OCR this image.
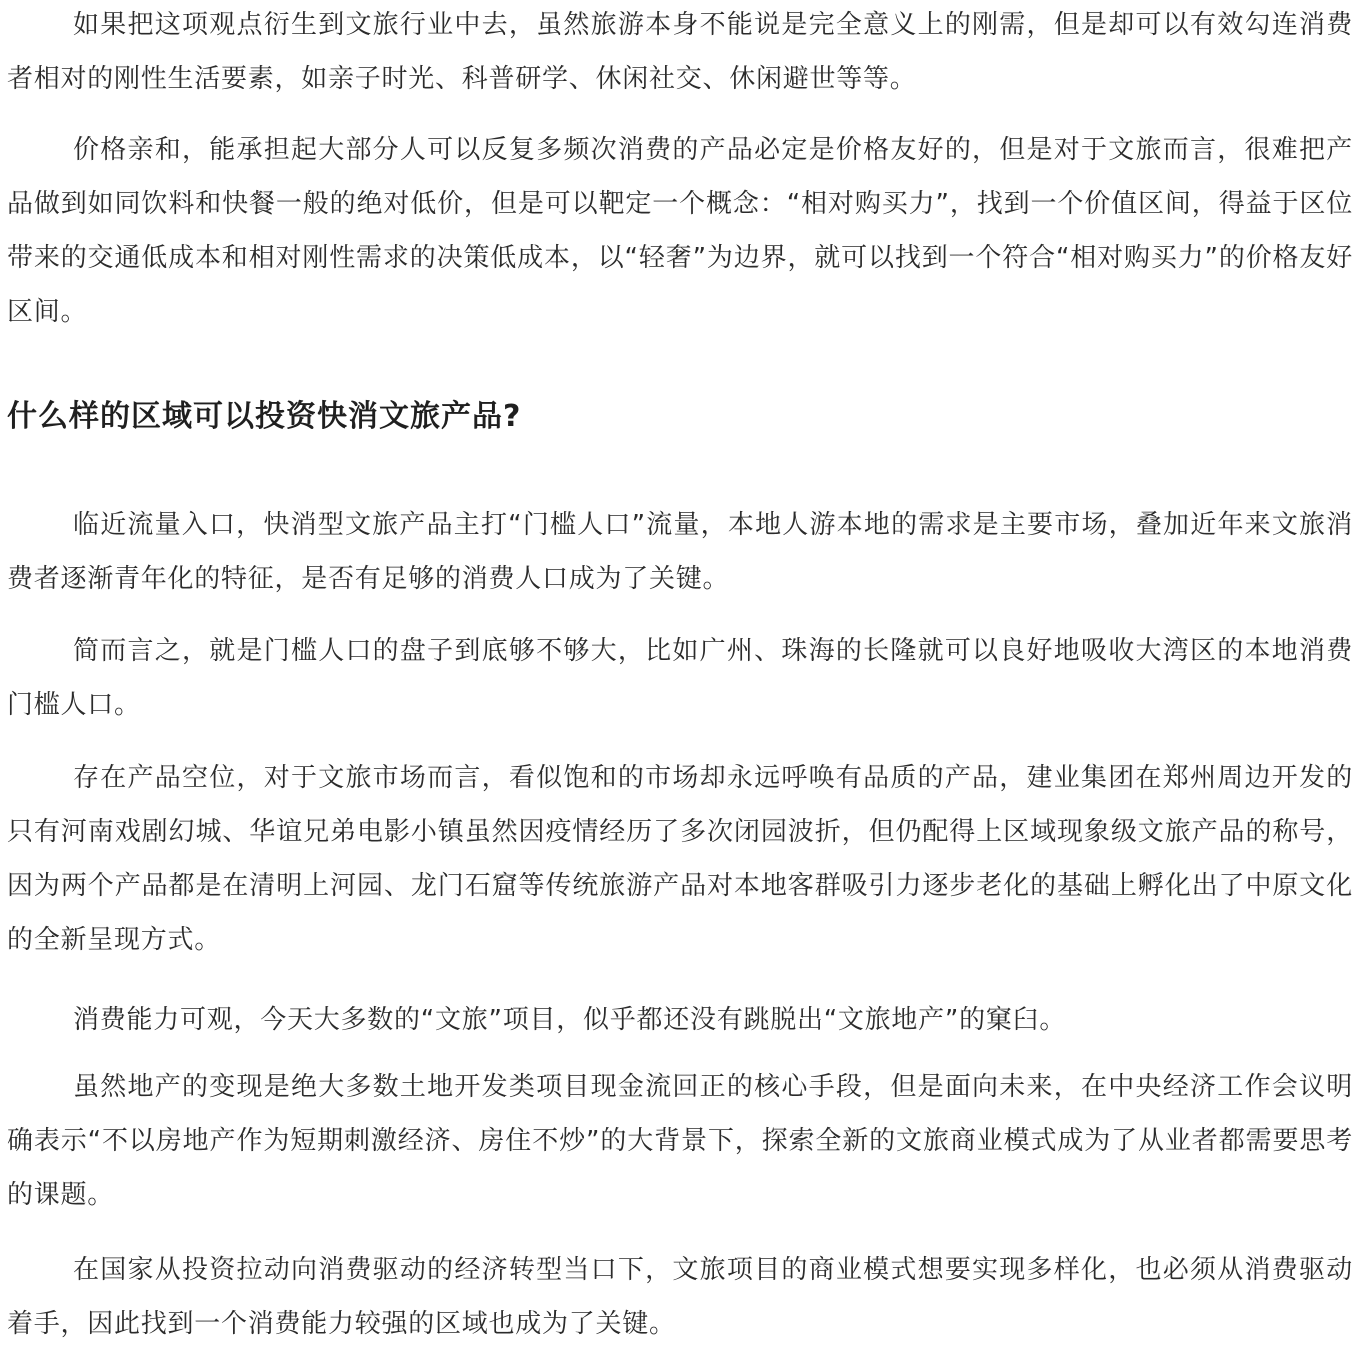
如果把这项观点衍生到文旅行业中去，虽然旅游本身不能说是完全意义上的刚需，但是却可以有效勾连消费者相对的刚性生活要素，如亲子时光、科普研学、休闲社交、休闲避世等等。

价格亲和，能承担起大部分人可以反复多频次消费的产品必定是价格友好的，但是对于文旅而言，很难把产品做到如同饮料和快餐一般的绝对低价，但是可以靶定一个概念：“相对购买力”，找到一个价值区间，得益于区位带来的交通低成本和相对刚性需求的决策低成本，以“轻奢”为边界，就可以找到一个符合“相对购买力”的价格友好区间。

什么样的区域可以投资快消文旅产品?

临近流量入口，快消型文旅产品主打“门槛人口”流量，本地人游本地的需求是主要市场，叠加近年来文旅消费者逐渐青年化的特征，是否有足够的消费人口成为了关键。

简而言之，就是门槛人口的盘子到底够不够大，比如广州、珠海的长隆就可以良好地吸收大湾区的本地消费门槛人口。

存在产品空位，对于文旅市场而言，看似饱和的市场却永远呼唤有品质的产品，建业集团在郑州周边开发的只有河南戏剧幻城、华谊兄弟电影小镇虽然因疫情经历了多次闭园波折，但仍配得上区域现象级文旅产品的称号，因为两个产品都是在清明上河园、龙门石窟等传统旅游产品对本地客群吸引力逐步老化的基础上孵化出了中原文化的全新呈现方式。

消费能力可观，今天大多数的“文旅”项目，似乎都还没有跳脱出“文旅地产”的窠臼。

虽然地产的变现是绝大多数土地开发类项目现金流回正的核心手段，但是面向未来，在中央经济工作会议明确表示“不以房地产作为短期刺激经济、房住不炒”的大背景下，探索全新的文旅商业模式成为了从业者都需要思考的课题。

在国家从投资拉动向消费驱动的经济转型当口下，文旅项目的商业模式想要实现多样化，也必须从消费驱动着手，因此找到一个消费能力较强的区域也成为了关键。
